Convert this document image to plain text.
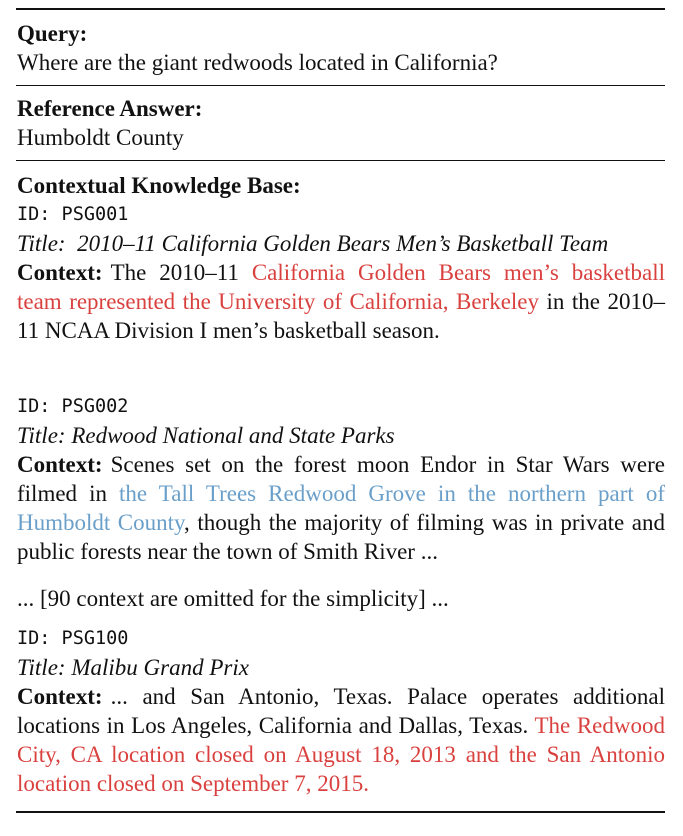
Query:
Where are the giant redwoods located in California?
Reference Answer:
Humboldt County
Contextual Knowledge Base:
ID: PSG001
Title: 2010–11 California Golden Bears Men’s Basketball Team
Context: The 2010–11 California Golden Bears men’s basketball team represented the University of California, Berkeley in the 2010–11 NCAA Division I men’s basketball season.
ID: PSG002
Title: Redwood National and State Parks
Context: Scenes set on the forest moon Endor in Star Wars were filmed in the Tall Trees Redwood Grove in the northern part of Humboldt County, though the majority of filming was in private and public forests near the town of Smith River ...
... [90 context are omitted for the simplicity] ...
ID: PSG100
Title: Malibu Grand Prix
Context: ... and San Antonio, Texas. Palace operates additional locations in Los Angeles, California and Dallas, Texas. The Redwood City, CA location closed on August 18, 2013 and the San Antonio location closed on September 7, 2015.
